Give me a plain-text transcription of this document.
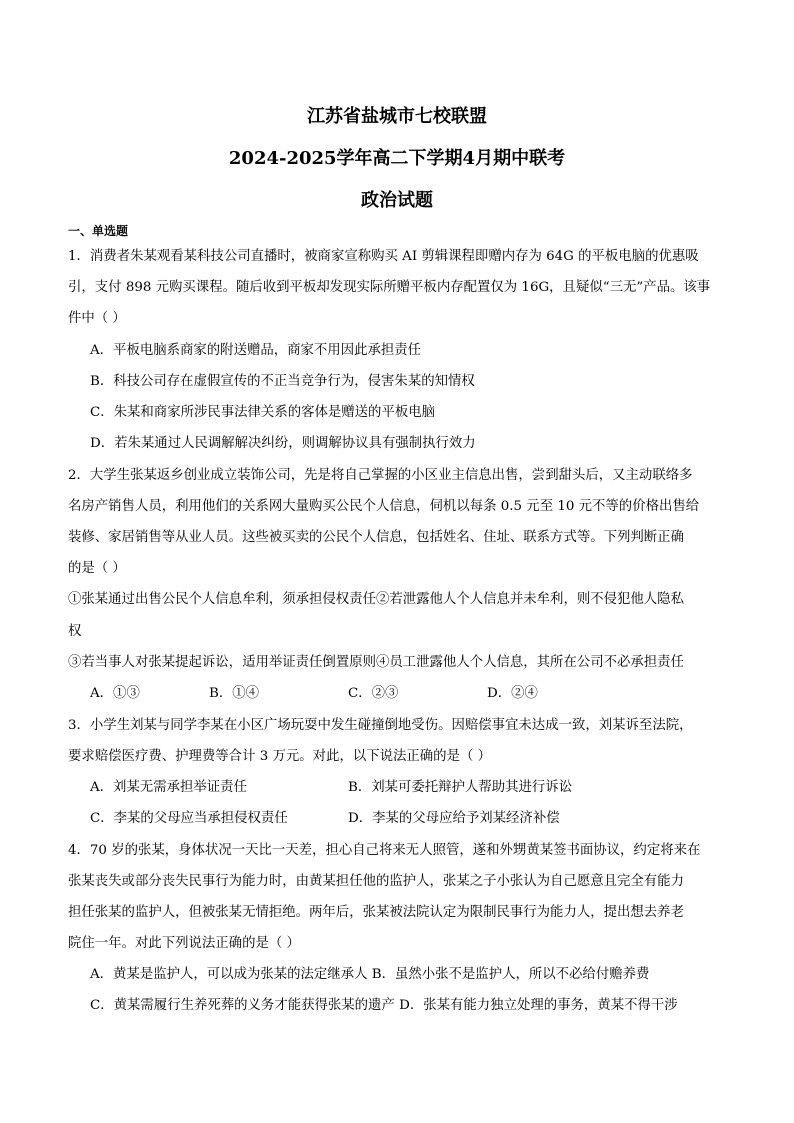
江苏省盐城市七校联盟
2024-2025学年高二下学期4月期中联考
政治试题
一、单选题
1．消费者朱某观看某科技公司直播时，被商家宣称购买 AI 剪辑课程即赠内存为 64G 的平板电脑的优惠吸
引，支付 898 元购买课程。随后收到平板却发现实际所赠平板内存配置仅为 16G，且疑似“三无”产品。该事
件中（ ）
A．平板电脑系商家的附送赠品，商家不用因此承担责任
B．科技公司存在虚假宣传的不正当竞争行为，侵害朱某的知情权
C．朱某和商家所涉民事法律关系的客体是赠送的平板电脑
D．若朱某通过人民调解解决纠纷，则调解协议具有强制执行效力
2．大学生张某返乡创业成立装饰公司，先是将自己掌握的小区业主信息出售，尝到甜头后，又主动联络多
名房产销售人员，利用他们的关系网大量购买公民个人信息，伺机以每条 0.5 元至 10 元不等的价格出售给
装修、家居销售等从业人员。这些被买卖的公民个人信息，包括姓名、住址、联系方式等。下列判断正确
的是（ ）
①张某通过出售公民个人信息牟利，须承担侵权责任②若泄露他人个人信息并未牟利，则不侵犯他人隐私
权
③若当事人对张某提起诉讼，适用举证责任倒置原则④员工泄露他人个人信息，其所在公司不必承担责任
A．①③	B．①④	C．②③	D．②④
3．小学生刘某与同学李某在小区广场玩耍中发生碰撞倒地受伤。因赔偿事宜未达成一致，刘某诉至法院，
要求赔偿医疗费、护理费等合计 3 万元。对此，以下说法正确的是（ ）
A．刘某无需承担举证责任	B．刘某可委托辩护人帮助其进行诉讼
C．李某的父母应当承担侵权责任	D．李某的父母应给予刘某经济补偿
4．70 岁的张某，身体状况一天比一天差，担心自己将来无人照管，遂和外甥黄某签书面协议，约定将来在
张某丧失或部分丧失民事行为能力时，由黄某担任他的监护人，张某之子小张认为自己愿意且完全有能力
担任张某的监护人，但被张某无情拒绝。两年后，张某被法院认定为限制民事行为能力人，提出想去养老
院住一年。对此下列说法正确的是（ ）
A．黄某是监护人，可以成为张某的法定继承人 B．虽然小张不是监护人，所以不必给付赡养费
C．黄某需履行生养死葬的义务才能获得张某的遗产 D．张某有能力独立处理的事务，黄某不得干涉
